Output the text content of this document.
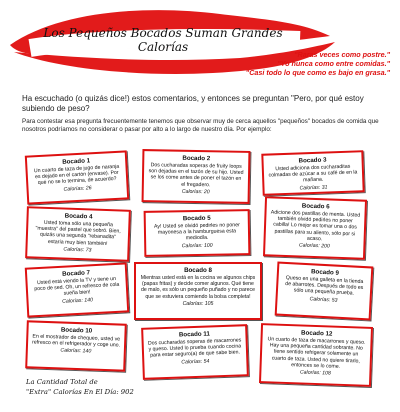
Los Pequeños Bocados Suman Grandes Calorías
"Raras veces como postre."
"Yo nunca como entre comidas."
"Casi todo lo que como es bajo en grasa."
Ha escuchado (o quizás dice!) estos comentarios, y entonces se preguntan "Pero, por qué estoy subiendo de peso?
Para contestar esa pregunta frecuentemente tenemos que observar muy de cerca aquellos "pequeños" bocados de comida que nosotros podríamos no considerar o pasar por alto a lo largo de nuestro día. Por ejemplo:
Bocado 1
Un cuarto de taza de jugo de naranja es dejado en el cartón (envase). Por qué no se lo termina, de acuerdo?
Calorías: 26
Bocado 2
Dos cucharadas soperas de fruity loops son dejadas en el tazón de su hijo. Usted se los come antes de poner el tazón en el fregadero.
Calorías: 20
Bocado 3
Usted adiciona dos cucharaditas colmadas de azúcar a su café de en la mañana.
Calorías: 31
Bocado 4
Usted toma sólo una pequeña "muestra" del pastel que sobró. Bien, quizás una segunda "rebanadita" estaría muy bien también!
Calorías: 73
Bocado 5
Ay! Usted se olvidó pedirles no poner mayonesa a la hamburguesa esta mediodía.
Calorías: 100
Bocado 6
Adicione dos pastillas de menta. Usted también olvidó pedirles no poner cabilla! Lo mejor es tomar una o dos pastillas para su aliento, sólo por si acaso.
Calorías: 200
Bocado 7
Usted está viendo la TV y tiene un poco de sed. Oh, un refresco de cola sueña bien!
Calorías: 140
Bocado 8
Mientras usted está en la cocina ve algunos chips (papas fritas) y decide comer algunos. Qué tiene de malo, es sólo un pequeño puñado y no parece que se estuviera comiendo la bolsa completa!
Calorías: 105
Bocado 9
Queso en una galleta en la tienda de abarrotes. Después de todo es sólo una pequeña prueba.
Calorías: 53
Bocado 10
En el mostrador de chequeo, usted ve refresco en el refrigerador y coge uno.
Calorías: 140
Bocado 11
Dos cucharadas soperas de macarrones y queso. Usted lo prueba cuando cocina para estar seguro(a) de que sabe bien.
Calorías: 54
Bocado 12
Un cuarto de taza de macarrones y queso. Hay una pequeña cantidad sobrante. No tiene sentido refrigerar solamente un cuarto de taza. Usted no quiere tirarlo, entonces se lo come.
Calorías: 108
La Cantidad Total de
"Extra" Calorías En El Día: 902
